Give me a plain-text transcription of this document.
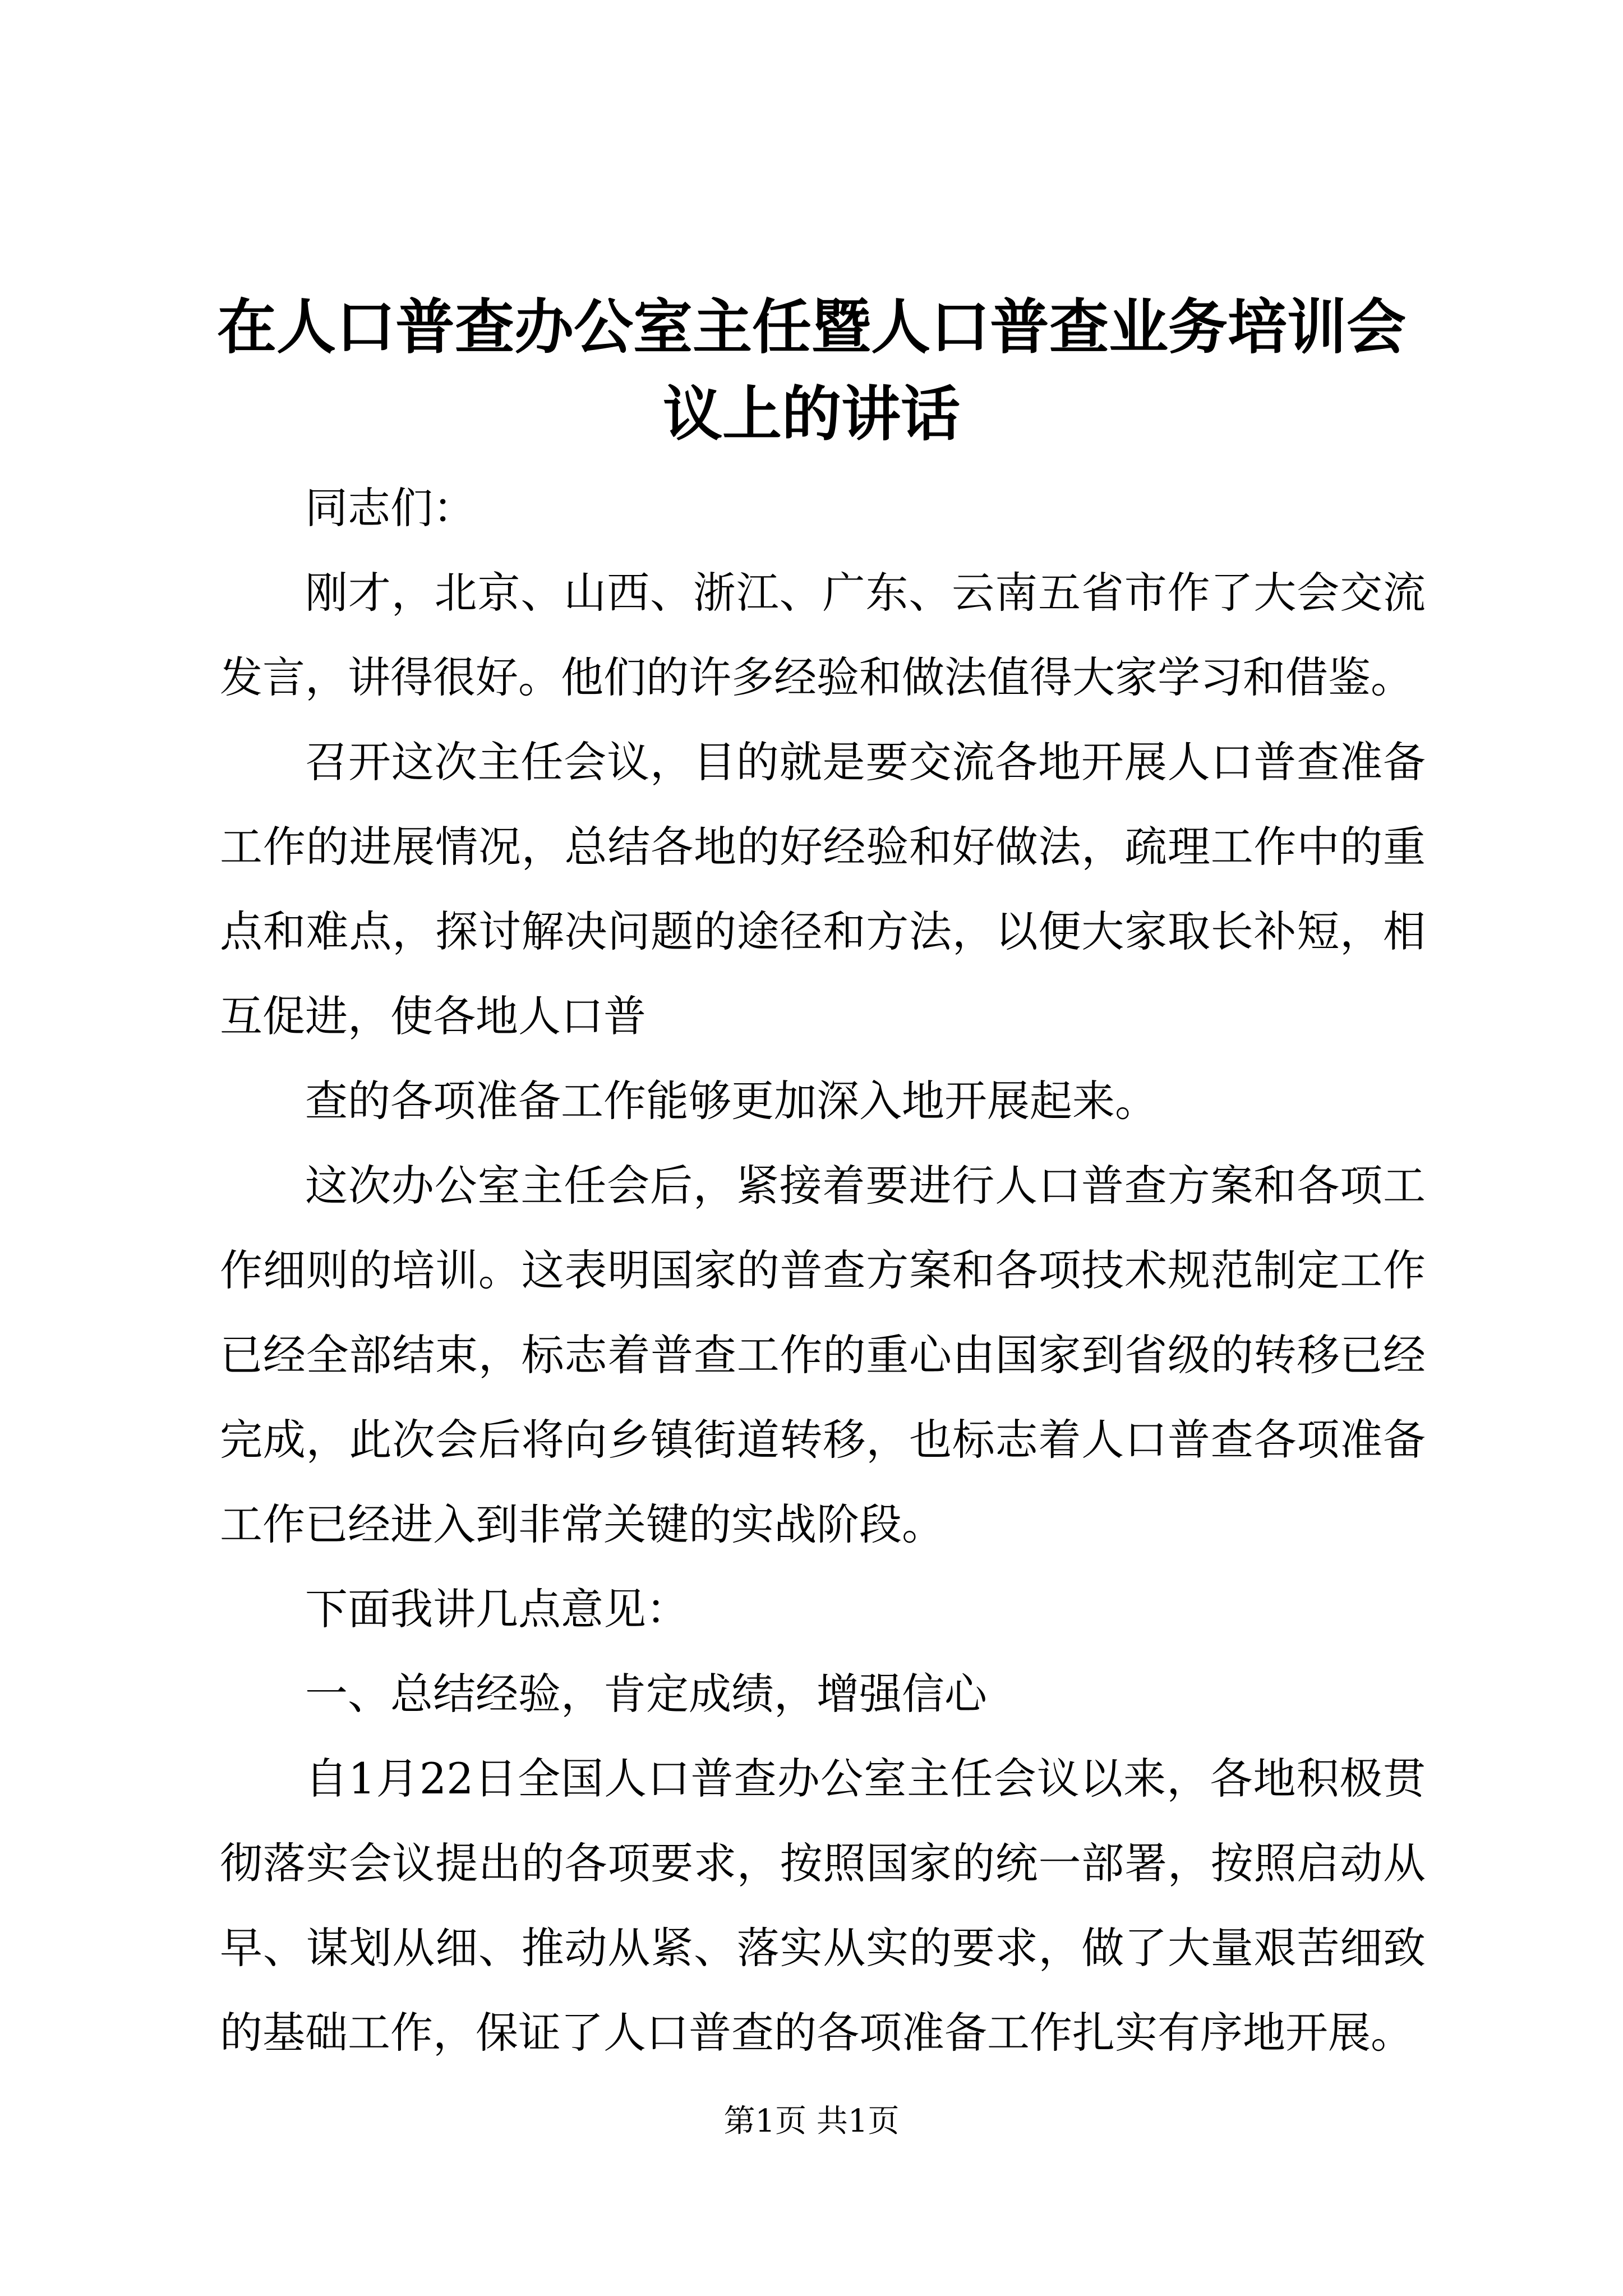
在人口普查办公室主任暨人口普查业务培训会议上的讲话

同志们：

刚才，北京、山西、浙江、广东、云南五省市作了大会交流发言，讲得很好。他们的许多经验和做法值得大家学习和借鉴。

召开这次主任会议，目的就是要交流各地开展人口普查准备工作的进展情况，总结各地的好经验和好做法，疏理工作中的重点和难点，探讨解决问题的途径和方法，以便大家取长补短，相互促进，使各地人口普

查的各项准备工作能够更加深入地开展起来。

这次办公室主任会后，紧接着要进行人口普查方案和各项工作细则的培训。这表明国家的普查方案和各项技术规范制定工作已经全部结束，标志着普查工作的重心由国家到省级的转移已经完成，此次会后将向乡镇街道转移，也标志着人口普查各项准备工作已经进入到非常关键的实战阶段。

下面我讲几点意见：

一、总结经验，肯定成绩，增强信心

自1月22日全国人口普查办公室主任会议以来，各地积极贯彻落实会议提出的各项要求，按照国家的统一部署，按照启动从早、谋划从细、推动从紧、落实从实的要求，做了大量艰苦细致的基础工作，保证了人口普查的各项准备工作扎实有序地开展。

第1页 共1页
